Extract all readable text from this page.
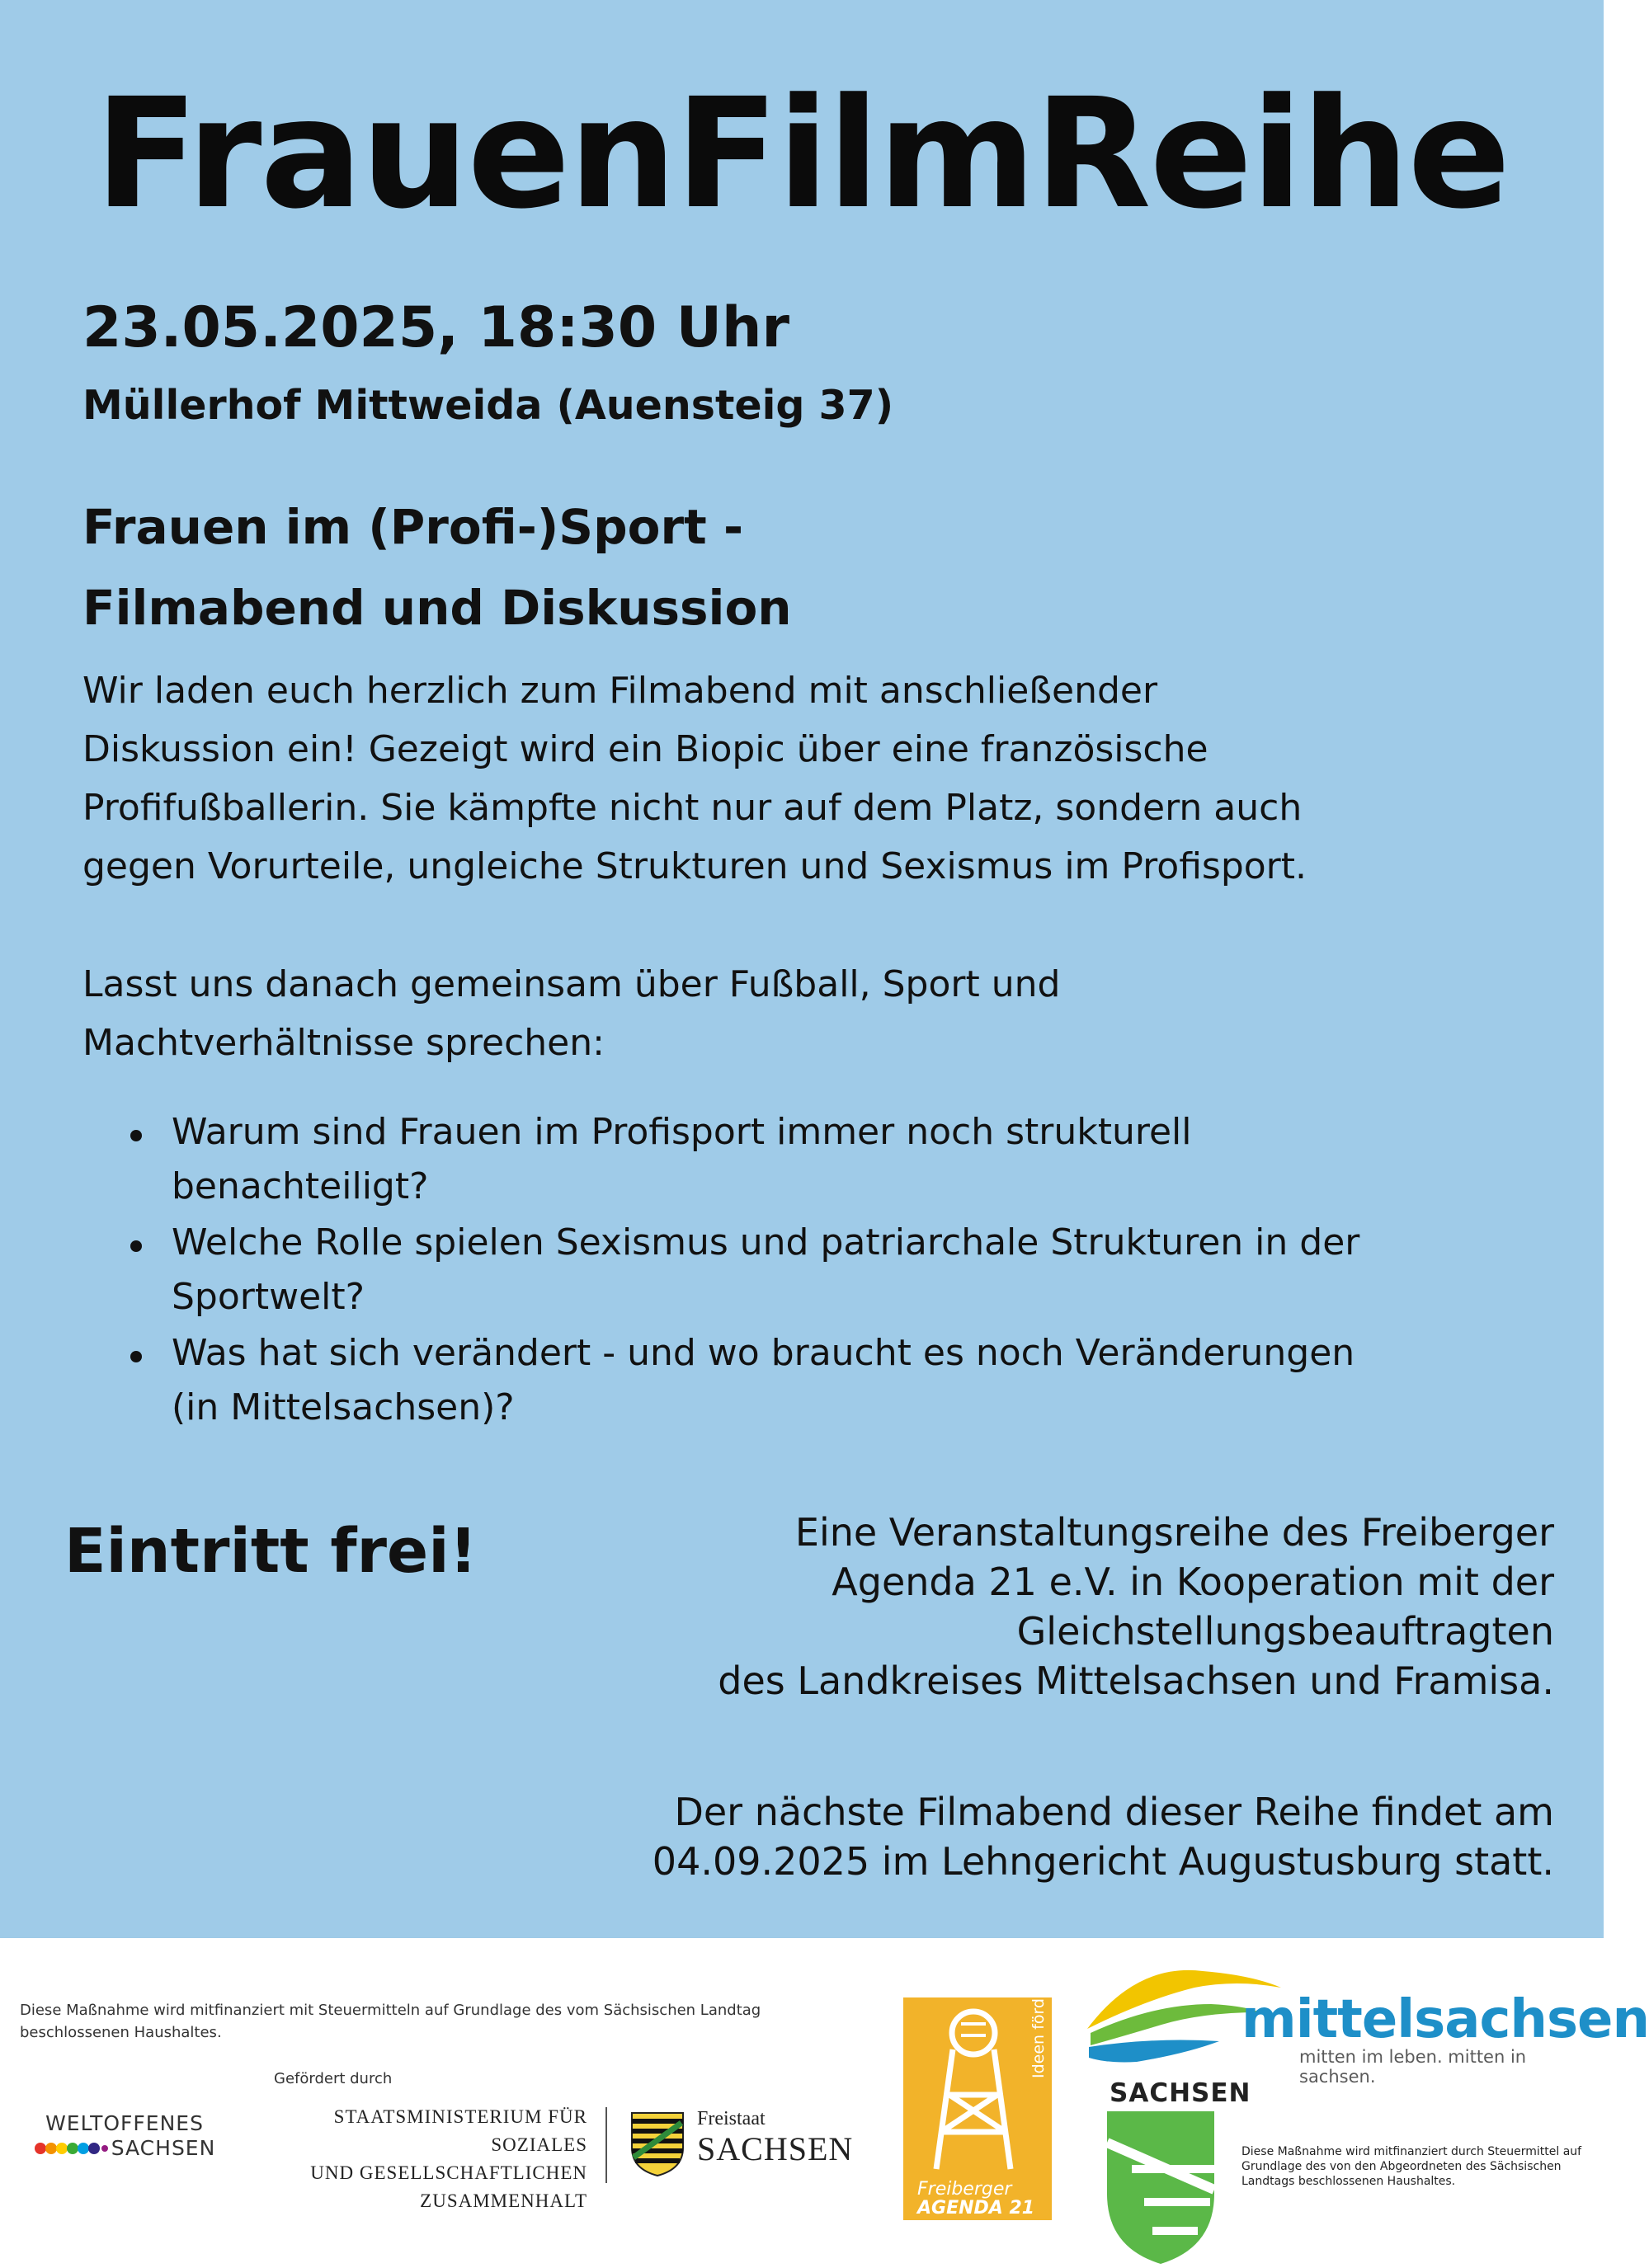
FrauenFilmReihe
23.05.2025, 18:30 Uhr
Müllerhof Mittweida (Auensteig 37)
Frauen im (Profi-)Sport -
Filmabend und Diskussion
Wir laden euch herzlich zum Filmabend mit anschließender
Diskussion ein! Gezeigt wird ein Biopic über eine französische
Profifußballerin. Sie kämpfte nicht nur auf dem Platz, sondern auch
gegen Vorurteile, ungleiche Strukturen und Sexismus im Profisport.
Lasst uns danach gemeinsam über Fußball, Sport und
Machtverhältnisse sprechen:
Warum sind Frauen im Profisport immer noch strukturell
benachteiligt?
Welche Rolle spielen Sexismus und patriarchale Strukturen in der
Sportwelt?
Was hat sich verändert - und wo braucht es noch Veränderungen
(in Mittelsachsen)?
Eintritt frei!	Eine Veranstaltungsreihe des Freiberger
Agenda 21 e.V. in Kooperation mit der
Gleichstellungsbeauftragten
des Landkreises Mittelsachsen und Framisa.
Der nächste Filmabend dieser Reihe findet am
04.09.2025 im Lehngericht Augustusburg statt.
Diese Maßnahme wird mitfinanziert mit Steuermitteln auf Grundlage des vom Sächsischen Landtag beschlossenen Haushaltes.
Gefördert durch
WELTOFFENES
SACHSEN
STAATSMINISTERIUM FÜR SOZIALES
UND GESELLSCHAFTLICHEN
ZUSAMMENHALT
Freistaat
SACHSEN
Ideen fördern
Freiberger
AGENDA 21
mittelsachsen
mitten im leben. mitten in sachsen.
SACHSEN
Diese Maßnahme wird mitfinanziert durch Steuermittel auf Grundlage des von den Abgeordneten des Sächsischen Landtags beschlossenen Haushaltes.
